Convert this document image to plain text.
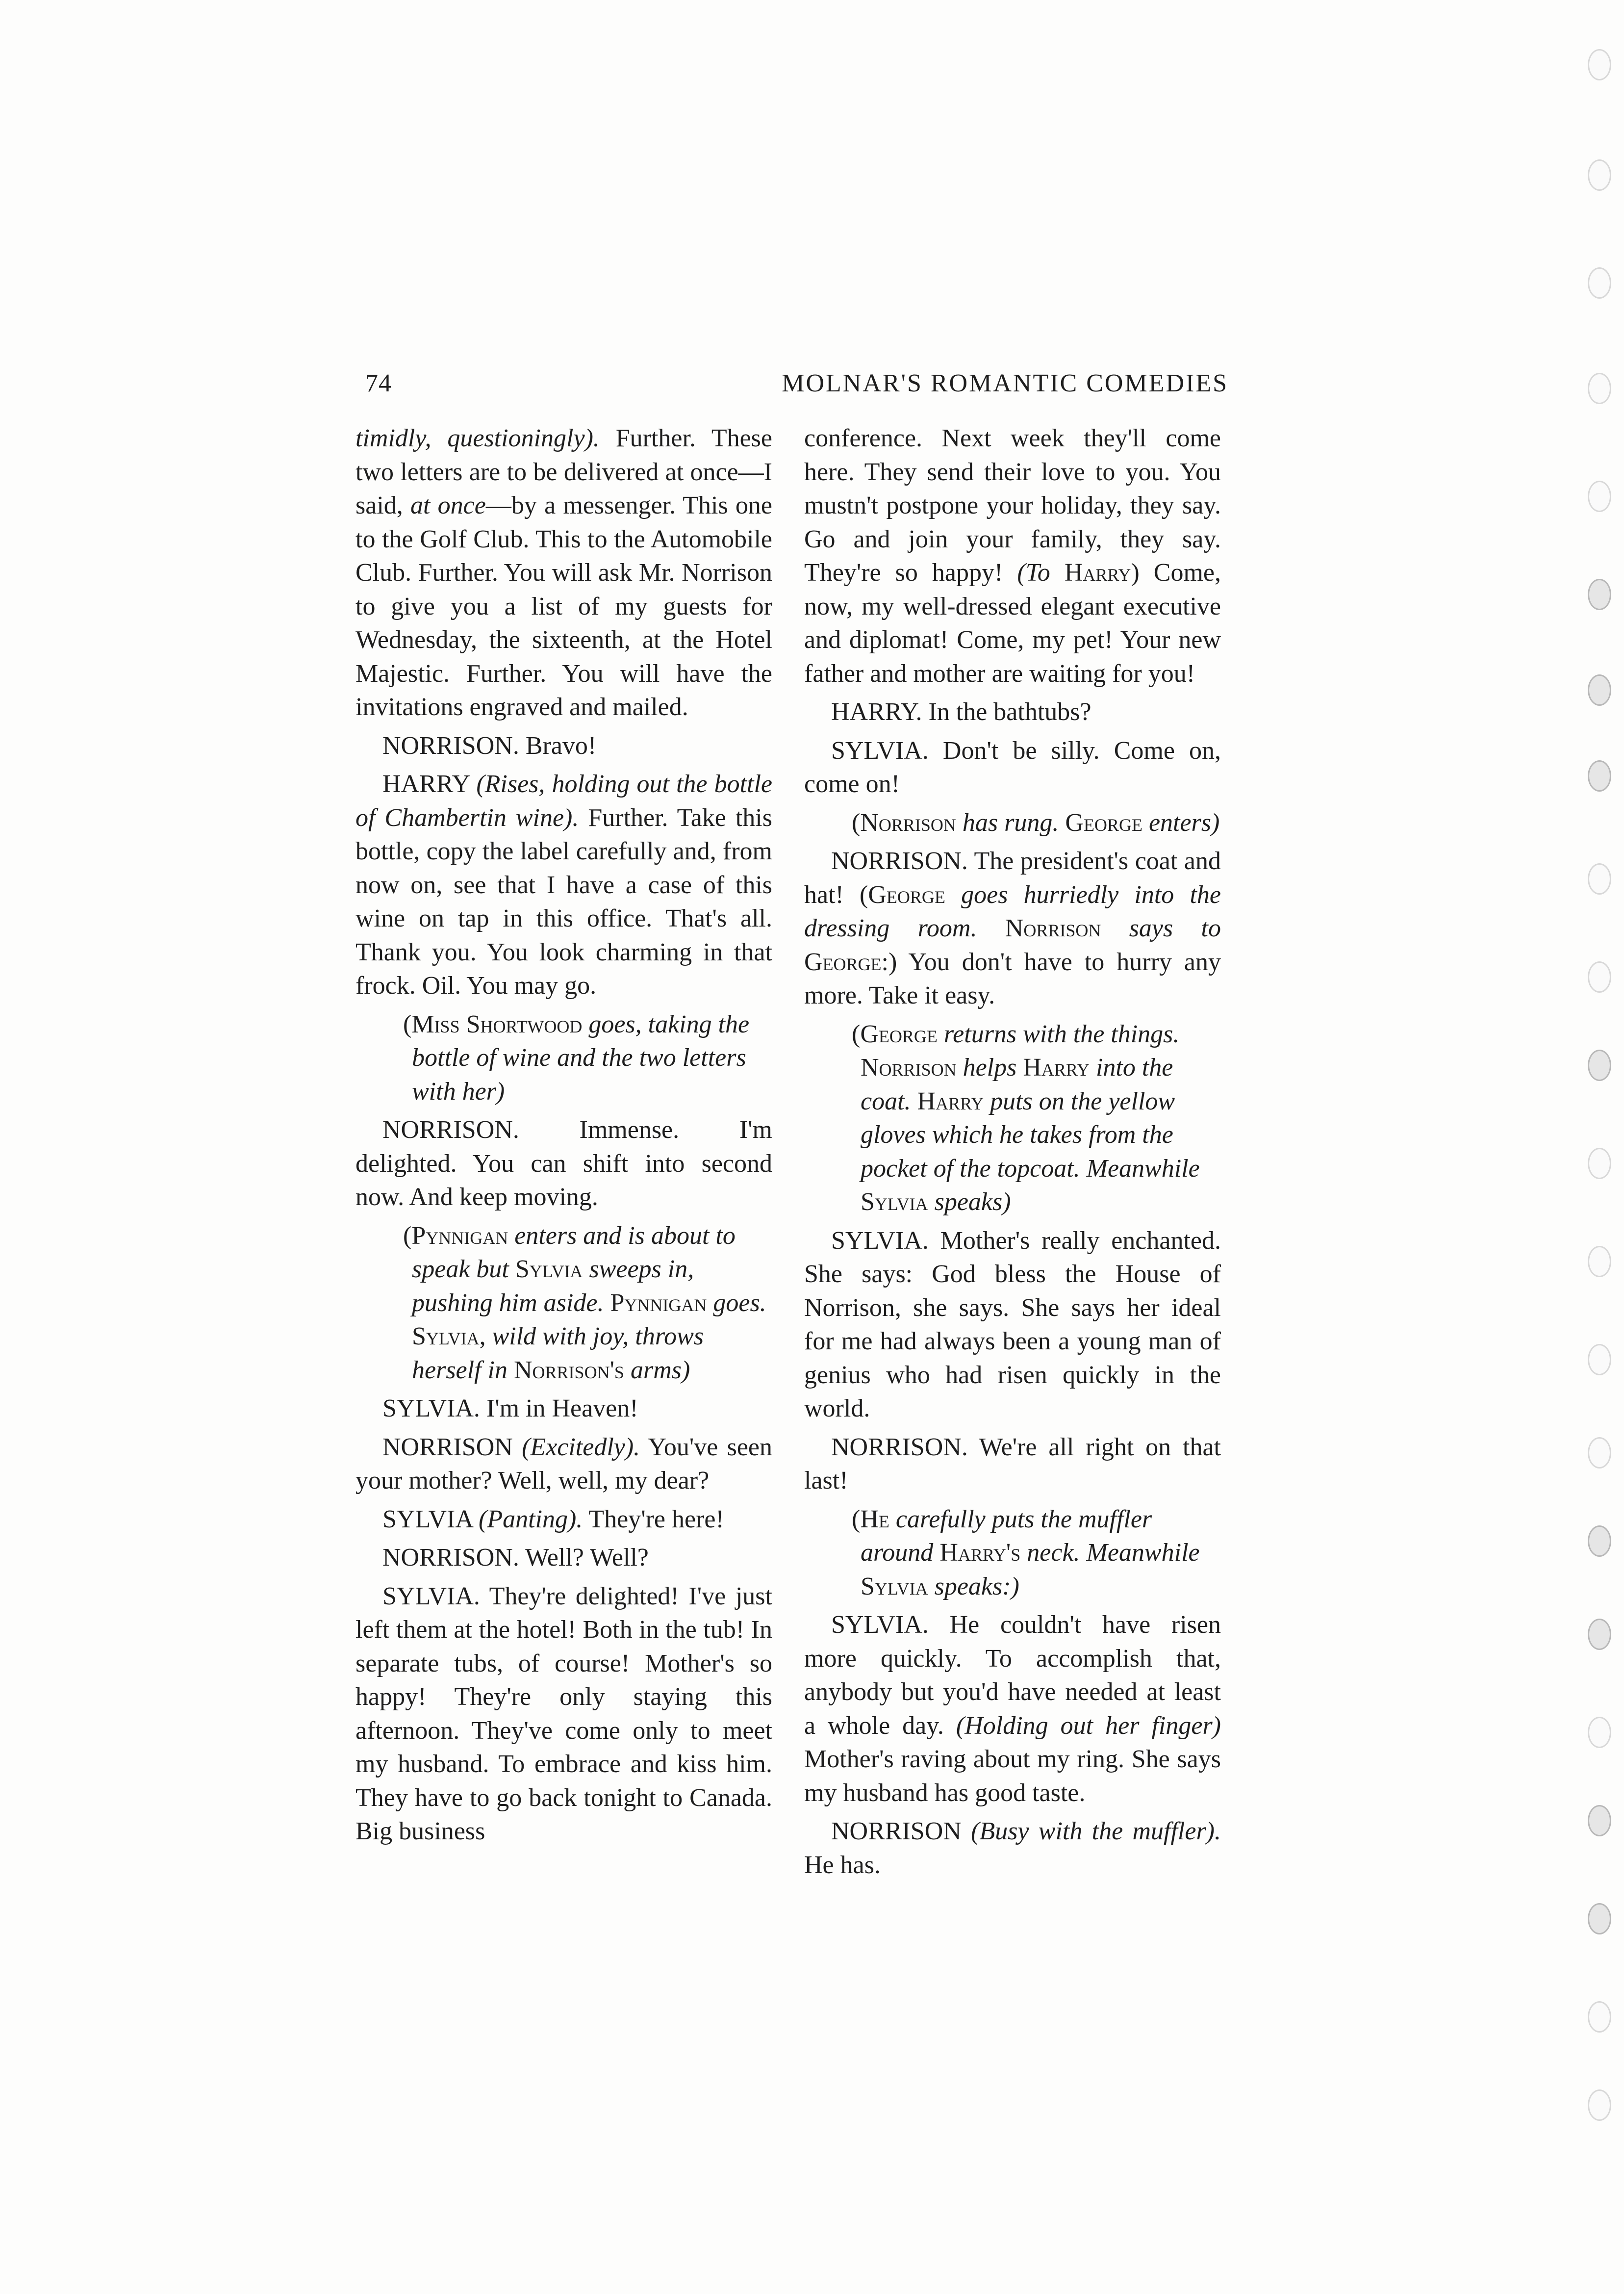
74	MOLNAR'S ROMANTIC COMEDIES

timidly, questioningly). Further. These two letters are to be delivered at once—I said, at once—by a messenger. This one to the Golf Club. This to the Automobile Club. Further. You will ask Mr. Norrison to give you a list of my guests for Wednesday, the sixteenth, at the Hotel Majestic. Further. You will have the invitations engraved and mailed.

NORRISON. Bravo!

HARRY (Rises, holding out the bottle of Chambertin wine). Further. Take this bottle, copy the label carefully and, from now on, see that I have a case of this wine on tap in this office. That's all. Thank you. You look charming in that frock. Oil. You may go.

(Miss Shortwood goes, taking the bottle of wine and the two letters with her)

NORRISON. Immense. I'm delighted. You can shift into second now. And keep moving.

(Pynnigan enters and is about to speak but Sylvia sweeps in, pushing him aside. Pynnigan goes. Sylvia, wild with joy, throws herself in Norrison's arms)

SYLVIA. I'm in Heaven!

NORRISON (Excitedly). You've seen your mother? Well, well, my dear?

SYLVIA (Panting). They're here!

NORRISON. Well? Well?

SYLVIA. They're delighted! I've just left them at the hotel! Both in the tub! In separate tubs, of course! Mother's so happy! They're only staying this afternoon. They've come only to meet my husband. To embrace and kiss him. They have to go back tonight to Canada. Big business

conference. Next week they'll come here. They send their love to you. You mustn't postpone your holiday, they say. Go and join your family, they say. They're so happy! (To Harry) Come, now, my well-dressed elegant executive and diplomat! Come, my pet! Your new father and mother are waiting for you!

HARRY. In the bathtubs?

SYLVIA. Don't be silly. Come on, come on!

(Norrison has rung. George enters)

NORRISON. The president's coat and hat! (George goes hurriedly into the dressing room. Norrison says to George:) You don't have to hurry any more. Take it easy.

(George returns with the things. Norrison helps Harry into the coat. Harry puts on the yellow gloves which he takes from the pocket of the topcoat. Meanwhile Sylvia speaks)

SYLVIA. Mother's really enchanted. She says: God bless the House of Norrison, she says. She says her ideal for me had always been a young man of genius who had risen quickly in the world.

NORRISON. We're all right on that last!

(He carefully puts the muffler around Harry's neck. Meanwhile Sylvia speaks:)

SYLVIA. He couldn't have risen more quickly. To accomplish that, anybody but you'd have needed at least a whole day. (Holding out her finger) Mother's raving about my ring. She says my husband has good taste.

NORRISON (Busy with the muffler). He has.
